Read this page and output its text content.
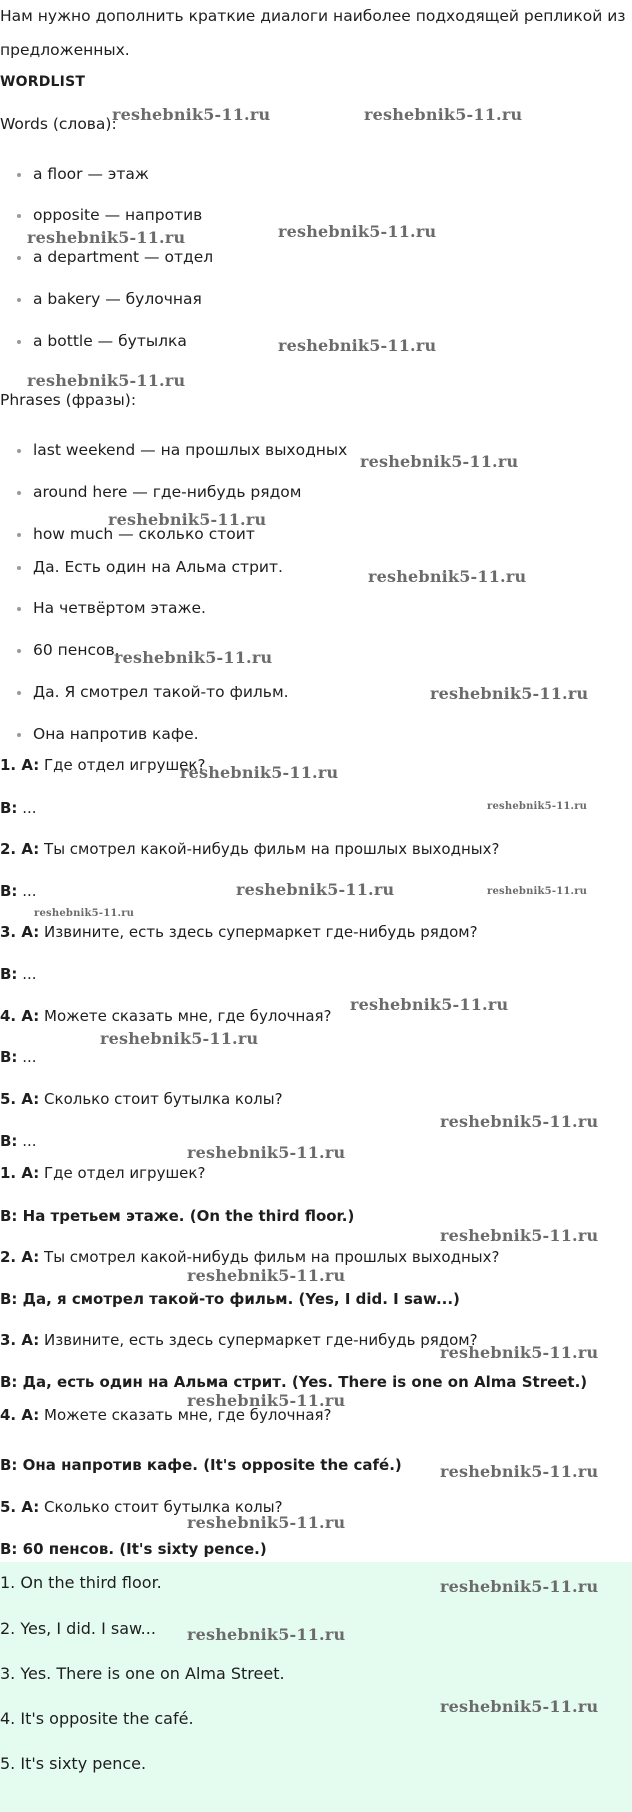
Нам нужно дополнить краткие диалоги наиболее подходящей репликой из
предложенных.
WORDLIST
Words (слова):
a floor — этаж
opposite — напротив
a department — отдел
a bakery — булочная
a bottle — бутылка
Phrases (фразы):
last weekend — на прошлых выходных
around here — где-нибудь рядом
how much — сколько стоит
Да. Есть один на Альма стрит.
На четвёртом этаже.
60 пенсов.
Да. Я смотрел такой-то фильм.
Она напротив кафе.
1. A: Где отдел игрушек?
B: ...
2. A: Ты смотрел какой-нибудь фильм на прошлых выходных?
B: ...
3. A: Извините, есть здесь супермаркет где-нибудь рядом?
B: ...
4. A: Можете сказать мне, где булочная?
B: ...
5. A: Сколько стоит бутылка колы?
B: ...
1. A: Где отдел игрушек?
B: На третьем этаже. (On the third floor.)
2. A: Ты смотрел какой-нибудь фильм на прошлых выходных?
B: Да, я смотрел такой-то фильм. (Yes, I did. I saw...)
3. A: Извините, есть здесь супермаркет где-нибудь рядом?
B: Да, есть один на Альма стрит. (Yes. There is one on Alma Street.)
4. A: Можете сказать мне, где булочная?
B: Она напротив кафе. (It's opposite the café.)
5. A: Сколько стоит бутылка колы?
B: 60 пенсов. (It's sixty pence.)
1. On the third floor.
2. Yes, I did. I saw...
3. Yes. There is one on Alma Street.
4. It's opposite the café.
5. It's sixty pence.
reshebnik5-11.ru	reshebnik5-11.ru
reshebnik5-11.ru
reshebnik5-11.ru
reshebnik5-11.ru
reshebnik5-11.ru
reshebnik5-11.ru
reshebnik5-11.ru
reshebnik5-11.ru
reshebnik5-11.ru
reshebnik5-11.ru
reshebnik5-11.ru
reshebnik5-11.ru
reshebnik5-11.ru	reshebnik5-11.ru
reshebnik5-11.ru
reshebnik5-11.ru
reshebnik5-11.ru
reshebnik5-11.ru
reshebnik5-11.ru
reshebnik5-11.ru
reshebnik5-11.ru
reshebnik5-11.ru
reshebnik5-11.ru
reshebnik5-11.ru
reshebnik5-11.ru
reshebnik5-11.ru
reshebnik5-11.ru
reshebnik5-11.ru
